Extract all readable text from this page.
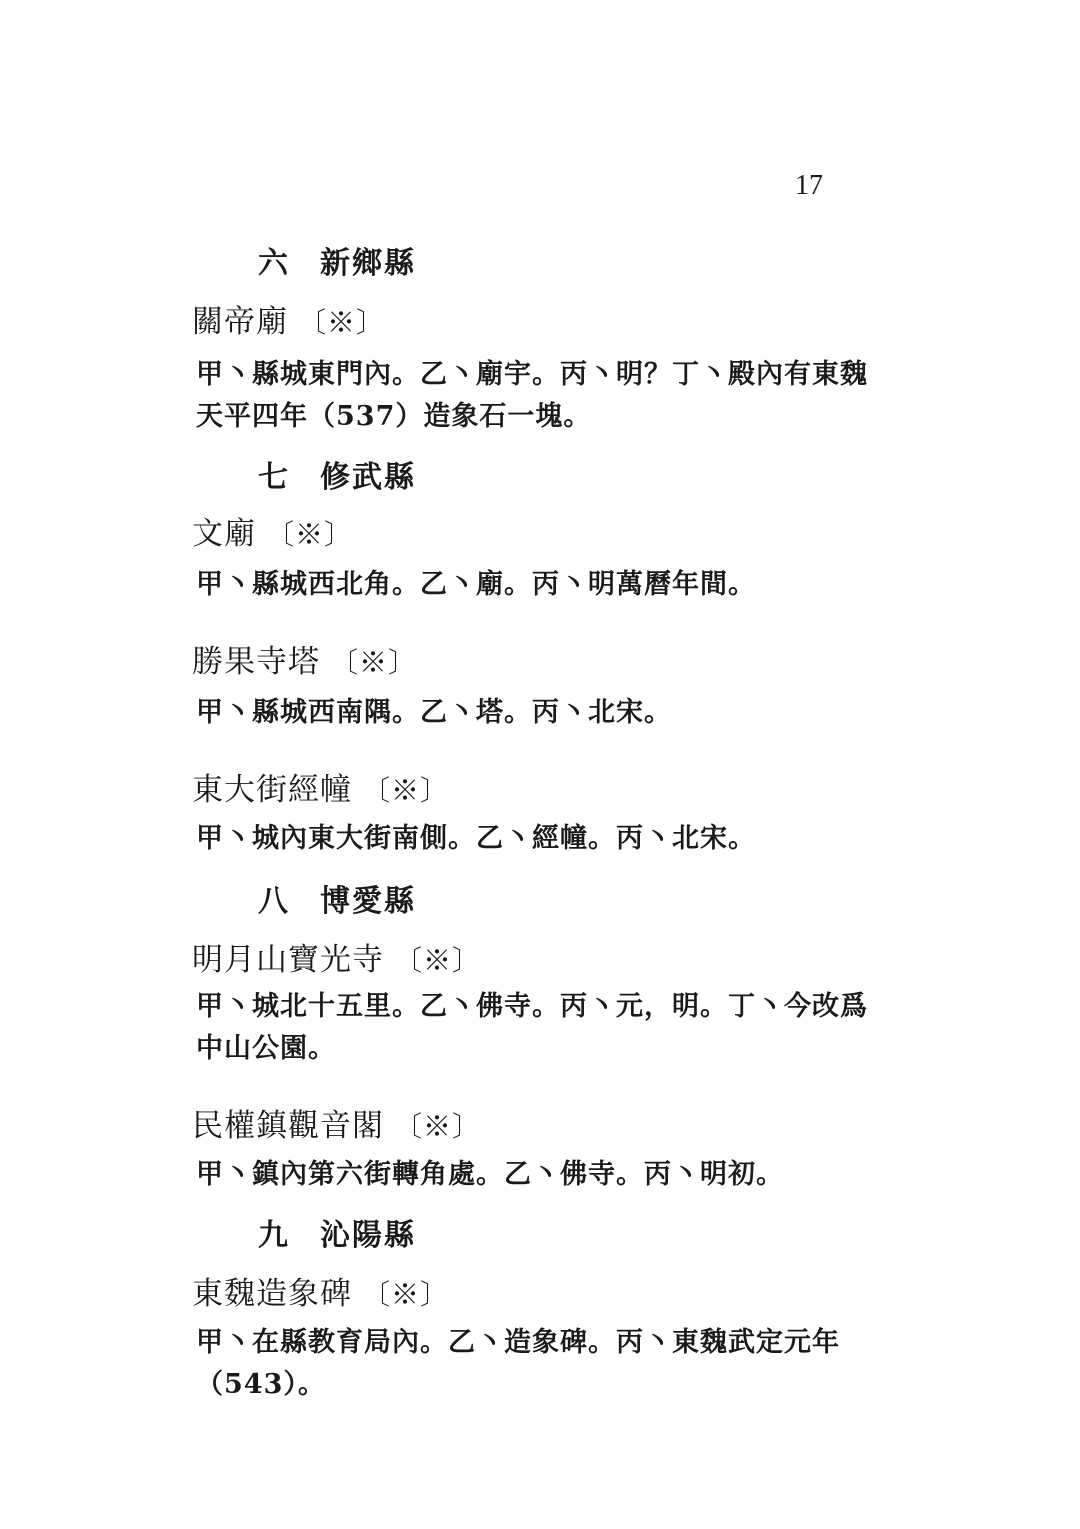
17
六 新鄉縣
關帝廟 〔※〕
甲丶縣城東門內。乙丶廟宇。丙丶明？丁丶殿內有東魏天平四年（537）造象石一塊。
七 修武縣
文廟 〔※〕
甲丶縣城西北角。乙丶廟。丙丶明萬曆年間。
勝果寺塔 〔※〕
甲丶縣城西南隅。乙丶塔。丙丶北宋。
東大街經幢 〔※〕
甲丶城內東大街南側。乙丶經幢。丙丶北宋。
八 博愛縣
明月山寶光寺 〔※〕
甲丶城北十五里。乙丶佛寺。丙丶元，明。丁丶今改爲中山公園。
民權鎮觀音閣 〔※〕
甲丶鎮內第六街轉角處。乙丶佛寺。丙丶明初。
九 沁陽縣
東魏造象碑 〔※〕
甲丶在縣教育局內。乙丶造象碑。丙丶東魏武定元年（543）。
